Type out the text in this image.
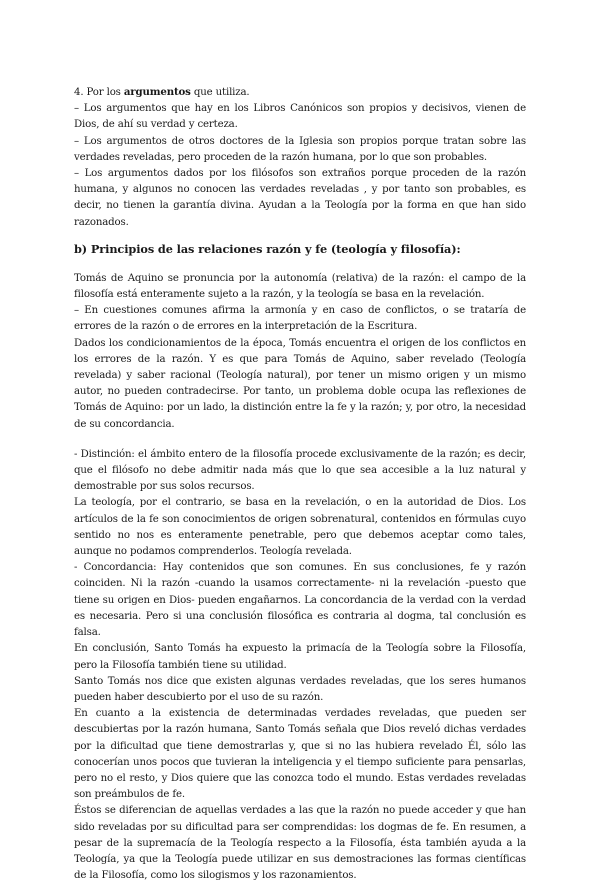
4. Por los argumentos que utiliza.

– Los argumentos que hay en los Libros Canónicos son propios y decisivos, vienen de Dios, de ahí su verdad y certeza.

– Los argumentos de otros doctores de la Iglesia son propios porque tratan sobre las verdades reveladas, pero proceden de la razón humana, por lo que son probables.

– Los argumentos dados por los filósofos son extraños porque proceden de la razón humana, y algunos no conocen las verdades reveladas , y por tanto son probables, es decir, no tienen la garantía divina. Ayudan a la Teología por la forma en que han sido razonados.

b) Principios de las relaciones razón y fe (teología y filosofía):

Tomás de Aquino se pronuncia por la autonomía (relativa) de la razón: el campo de la filosofía está enteramente sujeto a la razón, y la teología se basa en la revelación.

– En cuestiones comunes afirma la armonía y en caso de conflictos, o se trataría de errores de la razón o de errores en la interpretación de la Escritura.

Dados los condicionamientos de la época, Tomás encuentra el origen de los conflictos en los errores de la razón. Y es que para Tomás de Aquino, saber revelado (Teología revelada) y saber racional (Teología natural), por tener un mismo origen y un mismo autor, no pueden contradecirse. Por tanto, un problema doble ocupa las reflexiones de Tomás de Aquino: por un lado, la distinción entre la fe y la razón; y, por otro, la necesidad de su concordancia.

- Distinción: el ámbito entero de la filosofía procede exclusivamente de la razón; es decir, que el filósofo no debe admitir nada más que lo que sea accesible a la luz natural y demostrable por sus solos recursos.

La teología, por el contrario, se basa en la revelación, o en la autoridad de Dios. Los artículos de la fe son conocimientos de origen sobrenatural, contenidos en fórmulas cuyo sentido no nos es enteramente penetrable, pero que debemos aceptar como tales, aunque no podamos comprenderlos. Teología revelada.

- Concordancia: Hay contenidos que son comunes. En sus conclusiones, fe y razón coinciden. Ni la razón -cuando la usamos correctamente- ni la revelación -puesto que tiene su origen en Dios- pueden engañarnos. La concordancia de la verdad con la verdad es necesaria. Pero si una conclusión filosófica es contraria al dogma, tal conclusión es falsa.

En conclusión, Santo Tomás ha expuesto la primacía de la Teología sobre la Filosofía, pero la Filosofía también tiene su utilidad.

Santo Tomás nos dice que existen algunas verdades reveladas, que los seres humanos pueden haber descubierto por el uso de su razón.

En cuanto a la existencia de determinadas verdades reveladas, que pueden ser descubiertas por la razón humana, Santo Tomás señala que Dios reveló dichas verdades por la dificultad que tiene demostrarlas y, que si no las hubiera revelado Él, sólo las conocerían unos pocos que tuvieran la inteligencia y el tiempo suficiente para pensarlas, pero no el resto, y Dios quiere que las conozca todo el mundo. Estas verdades reveladas son preámbulos de fe.

Éstos se diferencian de aquellas verdades a las que la razón no puede acceder y que han sido reveladas por su dificultad para ser comprendidas: los dogmas de fe. En resumen, a pesar de la supremacía de la Teología respecto a la Filosofía, ésta también ayuda a la Teología, ya que la Teología puede utilizar en sus demostraciones las formas científicas de la Filosofía, como los silogismos y los razonamientos.
